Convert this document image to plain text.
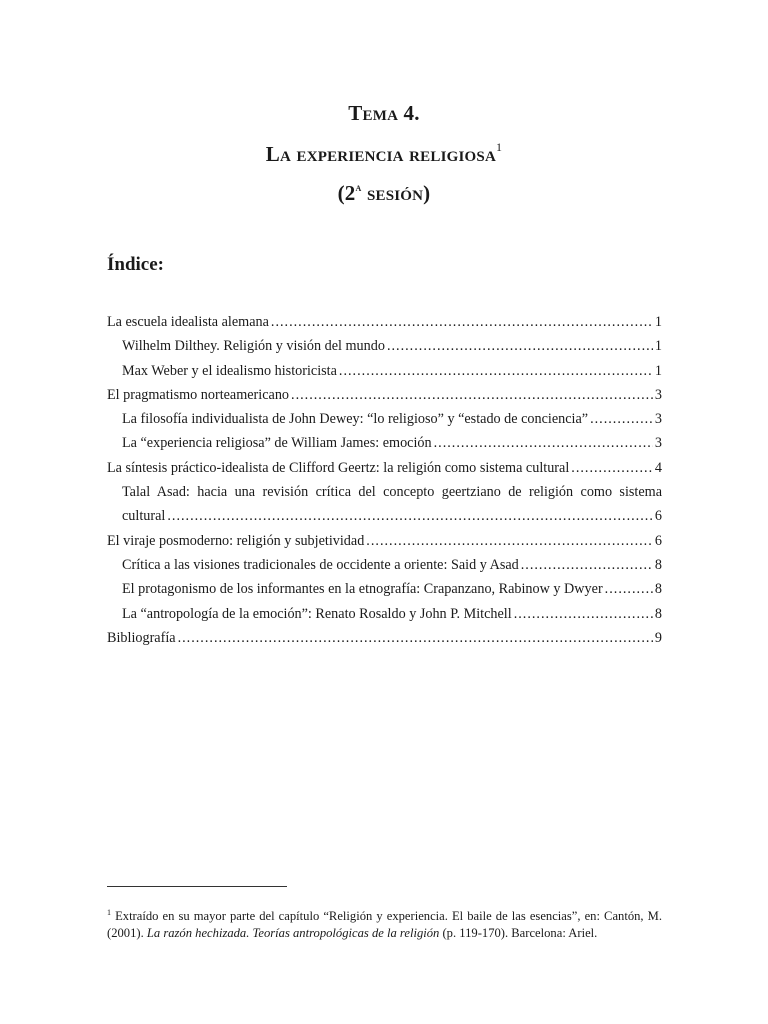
Tema 4.
La experiencia religiosa$^1$
(2$^a$ sesión)
Índice:
La escuela idealista alemana .....	1
Wilhelm Dilthey. Religión y visión del mundo .....	1
Max Weber y el idealismo historicista .....	1
El pragmatismo norteamericano .....	3
La filosofía individualista de John Dewey: “lo religioso” y “estado de conciencia” .....	3
La “experiencia religiosa” de William James: emoción .....	3
La síntesis práctico-idealista de Clifford Geertz: la religión como sistema cultural .....	4
Talal Asad: hacia una revisión crítica del concepto geertziano de religión como sistema
cultural .....	6
El viraje posmoderno: religión y subjetividad .....	6
Crítica a las visiones tradicionales de occidente a oriente: Said y Asad .....	8
El protagonismo de los informantes en la etnografía: Crapanzano, Rabinow y Dwyer .....	8
La “antropología de la emoción”: Renato Rosaldo y John P. Mitchell .....	8
Bibliografía .....	9
$^1$ Extraído en su mayor parte del capítulo “Religión y experiencia. El baile de las esencias”, en: Cantón, M. (2001). La razón hechizada. Teorías antropológicas de la religión (p. 119-170). Barcelona: Ariel.
